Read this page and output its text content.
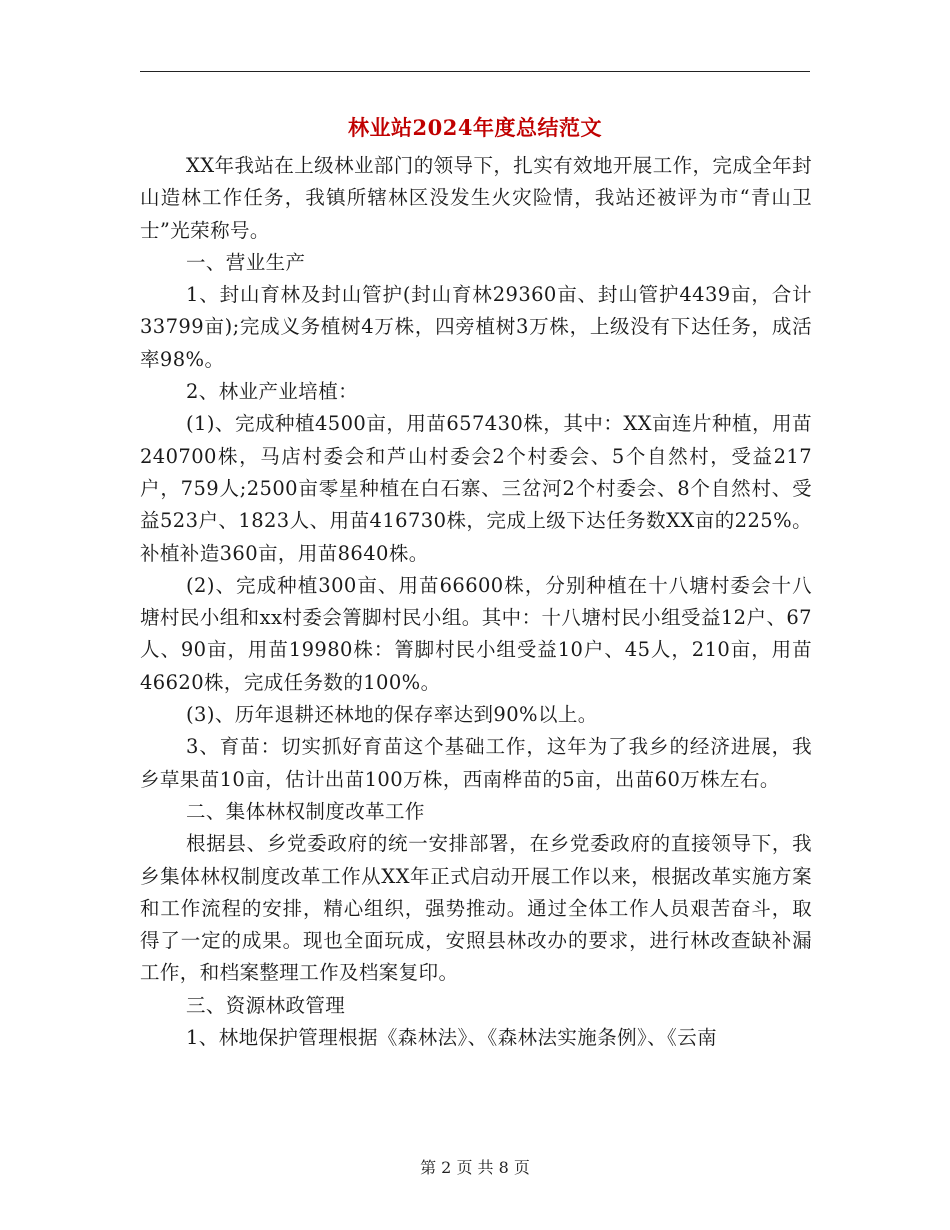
林业站2024年度总结范文

XX年我站在上级林业部门的领导下，扎实有效地开展工作，完成全年封山造林工作任务，我镇所辖林区没发生火灾险情，我站还被评为市“青山卫士”光荣称号。

一、营业生产

1、封山育林及封山管护(封山育林29360亩、封山管护4439亩，合计33799亩);完成义务植树4万株，四旁植树3万株，上级没有下达任务，成活率98%。

2、林业产业培植：

(1)、完成种植4500亩，用苗657430株，其中：XX亩连片种植，用苗240700株，马店村委会和芦山村委会2个村委会、5个自然村，受益217户，759人;2500亩零星种植在白石寨、三岔河2个村委会、8个自然村、受益523户、1823人、用苗416730株，完成上级下达任务数XX亩的225%。补植补造360亩，用苗8640株。

(2)、完成种植300亩、用苗66600株，分别种植在十八塘村委会十八塘村民小组和xx村委会箐脚村民小组。其中：十八塘村民小组受益12户、67人、90亩，用苗19980株：箐脚村民小组受益10户、45人，210亩，用苗46620株，完成任务数的100%。

(3)、历年退耕还林地的保存率达到90%以上。

3、育苗：切实抓好育苗这个基础工作，这年为了我乡的经济进展，我乡草果苗10亩，估计出苗100万株，西南桦苗的5亩，出苗60万株左右。

二、集体林权制度改革工作

根据县、乡党委政府的统一安排部署，在乡党委政府的直接领导下，我乡集体林权制度改革工作从XX年正式启动开展工作以来，根据改革实施方案和工作流程的安排，精心组织，强势推动。通过全体工作人员艰苦奋斗，取得了一定的成果。现也全面玩成，安照县林改办的要求，进行林改查缺补漏工作，和档案整理工作及档案复印。

三、资源林政管理

1、林地保护管理根据《森林法》、《森林法实施条例》、《云南

第 2 页 共 8 页
